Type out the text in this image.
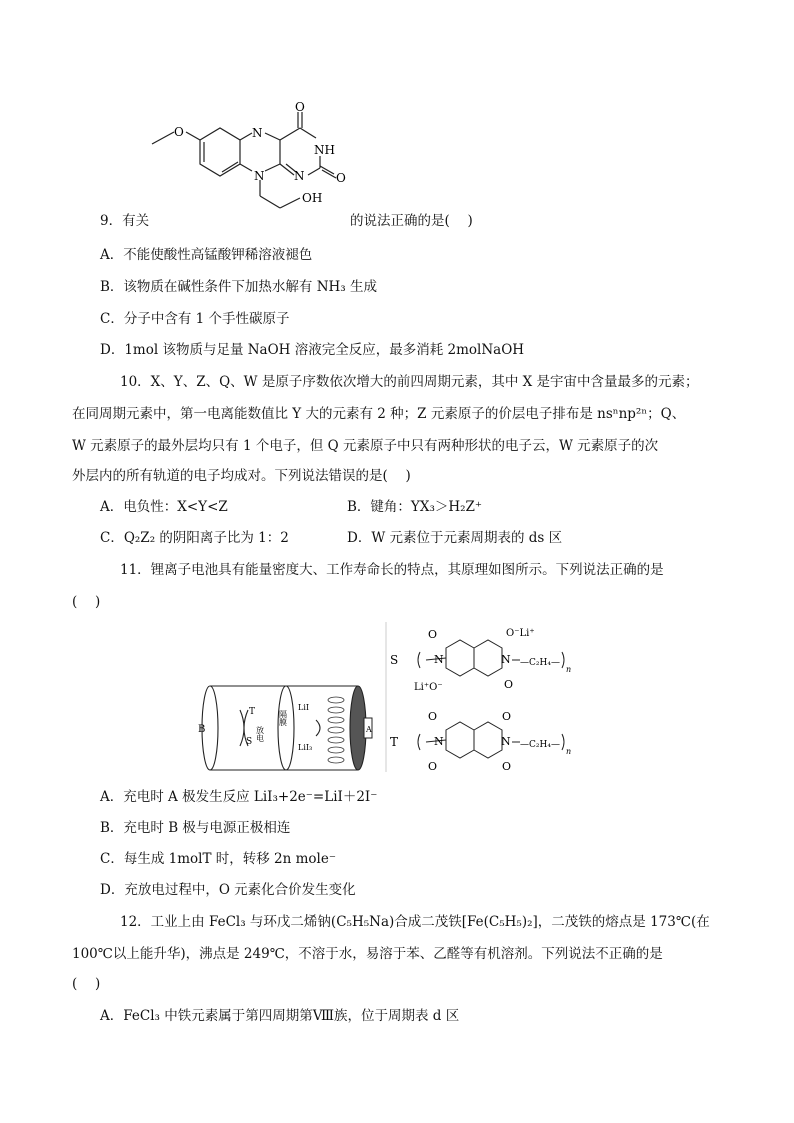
O	N
O
NH
N
N	O
OH
9．有关	的说法正确的是(　 )
A．不能使酸性高锰酸钾稀溶液褪色
B．该物质在碱性条件下加热水解有 NH₃ 生成
C．分子中含有 1 个手性碳原子
D．1mol 该物质与足量 NaOH 溶液完全反应，最多消耗 2molNaOH
10．X、Y、Z、Q、W 是原子序数依次增大的前四周期元素，其中 X 是宇宙中含量最多的元素；
在同周期元素中，第一电离能数值比 Y 大的元素有 2 种；Z 元素原子的价层电子排布是 nsⁿnp²ⁿ；Q、
W 元素原子的最外层均只有 1 个电子，但 Q 元素原子中只有两种形状的电子云，W 元素原子的次
外层内的所有轨道的电子均成对。下列说法错误的是(　 )
A．电负性：X<Y<Z	B．键角：YX₃＞H₂Z⁺
C．Q₂Z₂ 的阴阳离子比为 1：2	D．W 元素位于元素周期表的 ds 区
11．锂离子电池具有能量密度大、工作寿命长的特点，其原理如图所示。下列说法正确的是
(　 )
B	A
T
S 放电
隔膜
LiI
LiI₃
S
T
O	O⁻Li⁺
N —C₂H₄—
n
N
Li⁺O⁻	O
O	O
N	N —C₂H₄—
n
O	O
A．充电时 A 极发生反应 LiI₃+2e⁻=LiI＋2I⁻
B．充电时 B 极与电源正极相连
C．每生成 1molT 时，转移 2n mole⁻
D．充放电过程中，O 元素化合价发生变化
12．工业上由 FeCl₃ 与环戊二烯钠(C₅H₅Na)合成二茂铁[Fe(C₅H₅)₂]，二茂铁的熔点是 173℃(在
100℃以上能升华)，沸点是 249℃，不溶于水，易溶于苯、乙醛等有机溶剂。下列说法不正确的是
(　 )
A．FeCl₃ 中铁元素属于第四周期第Ⅷ族，位于周期表 d 区
